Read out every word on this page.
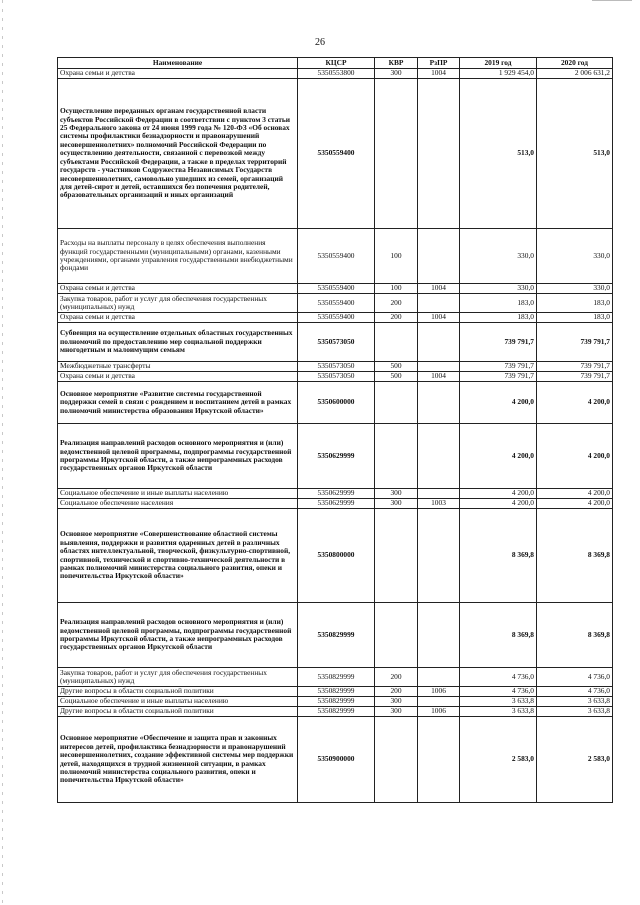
26
Наименование	КЦСР	КВР	РзПР	2019 год	2020 год
Охрана семьи и детства	5350553800	300	1004	1 929 454,0	2 006 631,2
Осуществление переданных органам государственной власти субъектов Российской Федерации в соответствии с пунктом 3 статьи 25 Федерального закона от 24 июня 1999 года № 120-ФЗ «Об основах системы профилактики безнадзорности и правонарушений несовершеннолетних» полномочий Российской Федерации по осуществлению деятельности, связанной с перевозкой между субъектами Российской Федерации, а также в пределах территорий государств - участников Содружества Независимых Государств несовершеннолетних, самовольно ушедших из семей, организаций для детей-сирот и детей, оставшихся без попечения родителей, образовательных организаций и иных организаций	5350559400			513,0	513,0
Расходы на выплаты персоналу в целях обеспечения выполнения функций государственными (муниципальными) органами, казенными учреждениями, органами управления государственными внебюджетными фондами	5350559400	100		330,0	330,0
Охрана семьи и детства	5350559400	100	1004	330,0	330,0
Закупка товаров, работ и услуг для обеспечения государственных (муниципальных) нужд	5350559400	200		183,0	183,0
Охрана семьи и детства	5350559400	200	1004	183,0	183,0
Субвенция на осуществление отдельных областных государственных полномочий по предоставлению мер социальной поддержки многодетным и малоимущим семьям	5350573050			739 791,7	739 791,7
Межбюджетные трансферты	5350573050	500		739 791,7	739 791,7
Охрана семьи и детства	5350573050	500	1004	739 791,7	739 791,7
Основное мероприятие «Развитие системы государственной поддержки семей в связи с рождением и воспитанием детей в рамках полномочий министерства образования Иркутской области»	5350600000			4 200,0	4 200,0
Реализация направлений расходов основного мероприятия и (или) ведомственной целевой программы, подпрограммы государственной программы Иркутской области, а также непрограммных расходов государственных органов Иркутской области	5350629999			4 200,0	4 200,0
Социальное обеспечение и иные выплаты населению	5350629999	300		4 200,0	4 200,0
Социальное обеспечение населения	5350629999	300	1003	4 200,0	4 200,0
Основное мероприятие «Совершенствование областной системы выявления, поддержки и развития одаренных детей в различных областях интеллектуальной, творческой, физкультурно-спортивной, спортивной, технической и спортивно-технической деятельности в рамках полномочий министерства социального развития, опеки и попечительства Иркутской области»	5350800000			8 369,8	8 369,8
Реализация направлений расходов основного мероприятия и (или) ведомственной целевой программы, подпрограммы государственной программы Иркутской области, а также непрограммных расходов государственных органов Иркутской области	5350829999			8 369,8	8 369,8
Закупка товаров, работ и услуг для обеспечения государственных (муниципальных) нужд	5350829999	200		4 736,0	4 736,0
Другие вопросы в области социальной политики	5350829999	200	1006	4 736,0	4 736,0
Социальное обеспечение и иные выплаты населению	5350829999	300		3 633,8	3 633,8
Другие вопросы в области социальной политики	5350829999	300	1006	3 633,8	3 633,8
Основное мероприятие «Обеспечение и защита прав и законных интересов детей, профилактика безнадзорности и правонарушений несовершеннолетних, создание эффективной системы мер поддержки детей, находящихся в трудной жизненной ситуации, в рамках полномочий министерства социального развития, опеки и попечительства Иркутской области»	5350900000			2 583,0	2 583,0
